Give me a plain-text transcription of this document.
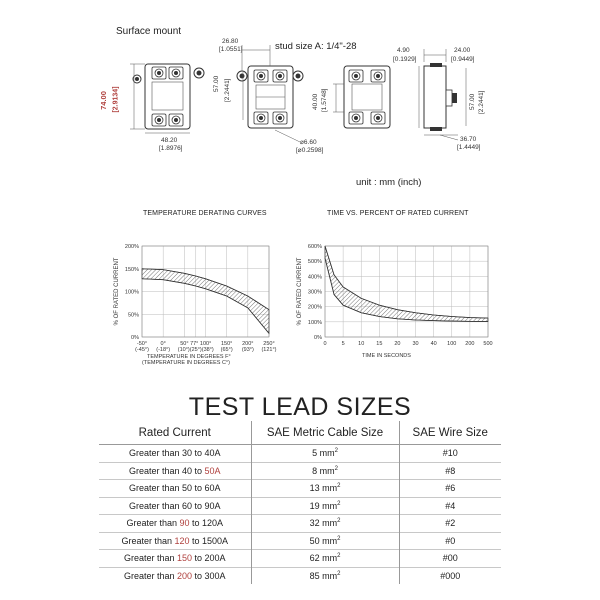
Surface mount
stud size A: 1/4"-28
74.00 [2.9134]
48.20
[1.8976]
26.80
[1.0551]
57.00 [2.2441]
⌀6.60
[⌀0.2598]
40.00 [1.5748]
4.90
[0.1929]
24.00
[0.9449]
57.00 [2.2441]
36.70
[1.4449]
unit : mm (inch)
TEMPERATURE DERATING CURVES	TIME VS. PERCENT OF RATED CURRENT
0%
50%
100%
150%
200%
% OF RATED CURRENT
-50°
(-45°)
0°
(-18°)
50° 77° 100°
(10°)(25°)(38°)
150°
(65°)
200°
(93°)
250°
(121°)
TEMPERATURE IN DEGREES F°
(TEMPERATURE IN DEGREES C°)
0%
100%
200%
300%
400%
500%
600%
% OF RATED CURRENT
0	5 10 15 20 30 40 100 200 500
TIME IN SECONDS
TEST LEAD SIZES
Rated Current	SAE Metric Cable Size	SAE Wire Size
Greater than 30 to 40A	5 $mm^2$	#10
Greater than 40 to 50A	8 $mm^2$	#8
Greater than 50 to 60A	13 $mm^2$	#6
Greater than 60 to 90A	19 $mm^2$	#4
Greater than 90 to 120A	32 $mm^2$	#2
Greater than 120 to 1500A	50 $mm^2$	#0
Greater than 150 to 200A	62 $mm^2$	#00
Greater than 200 to 300A	85 $mm^2$	#000
